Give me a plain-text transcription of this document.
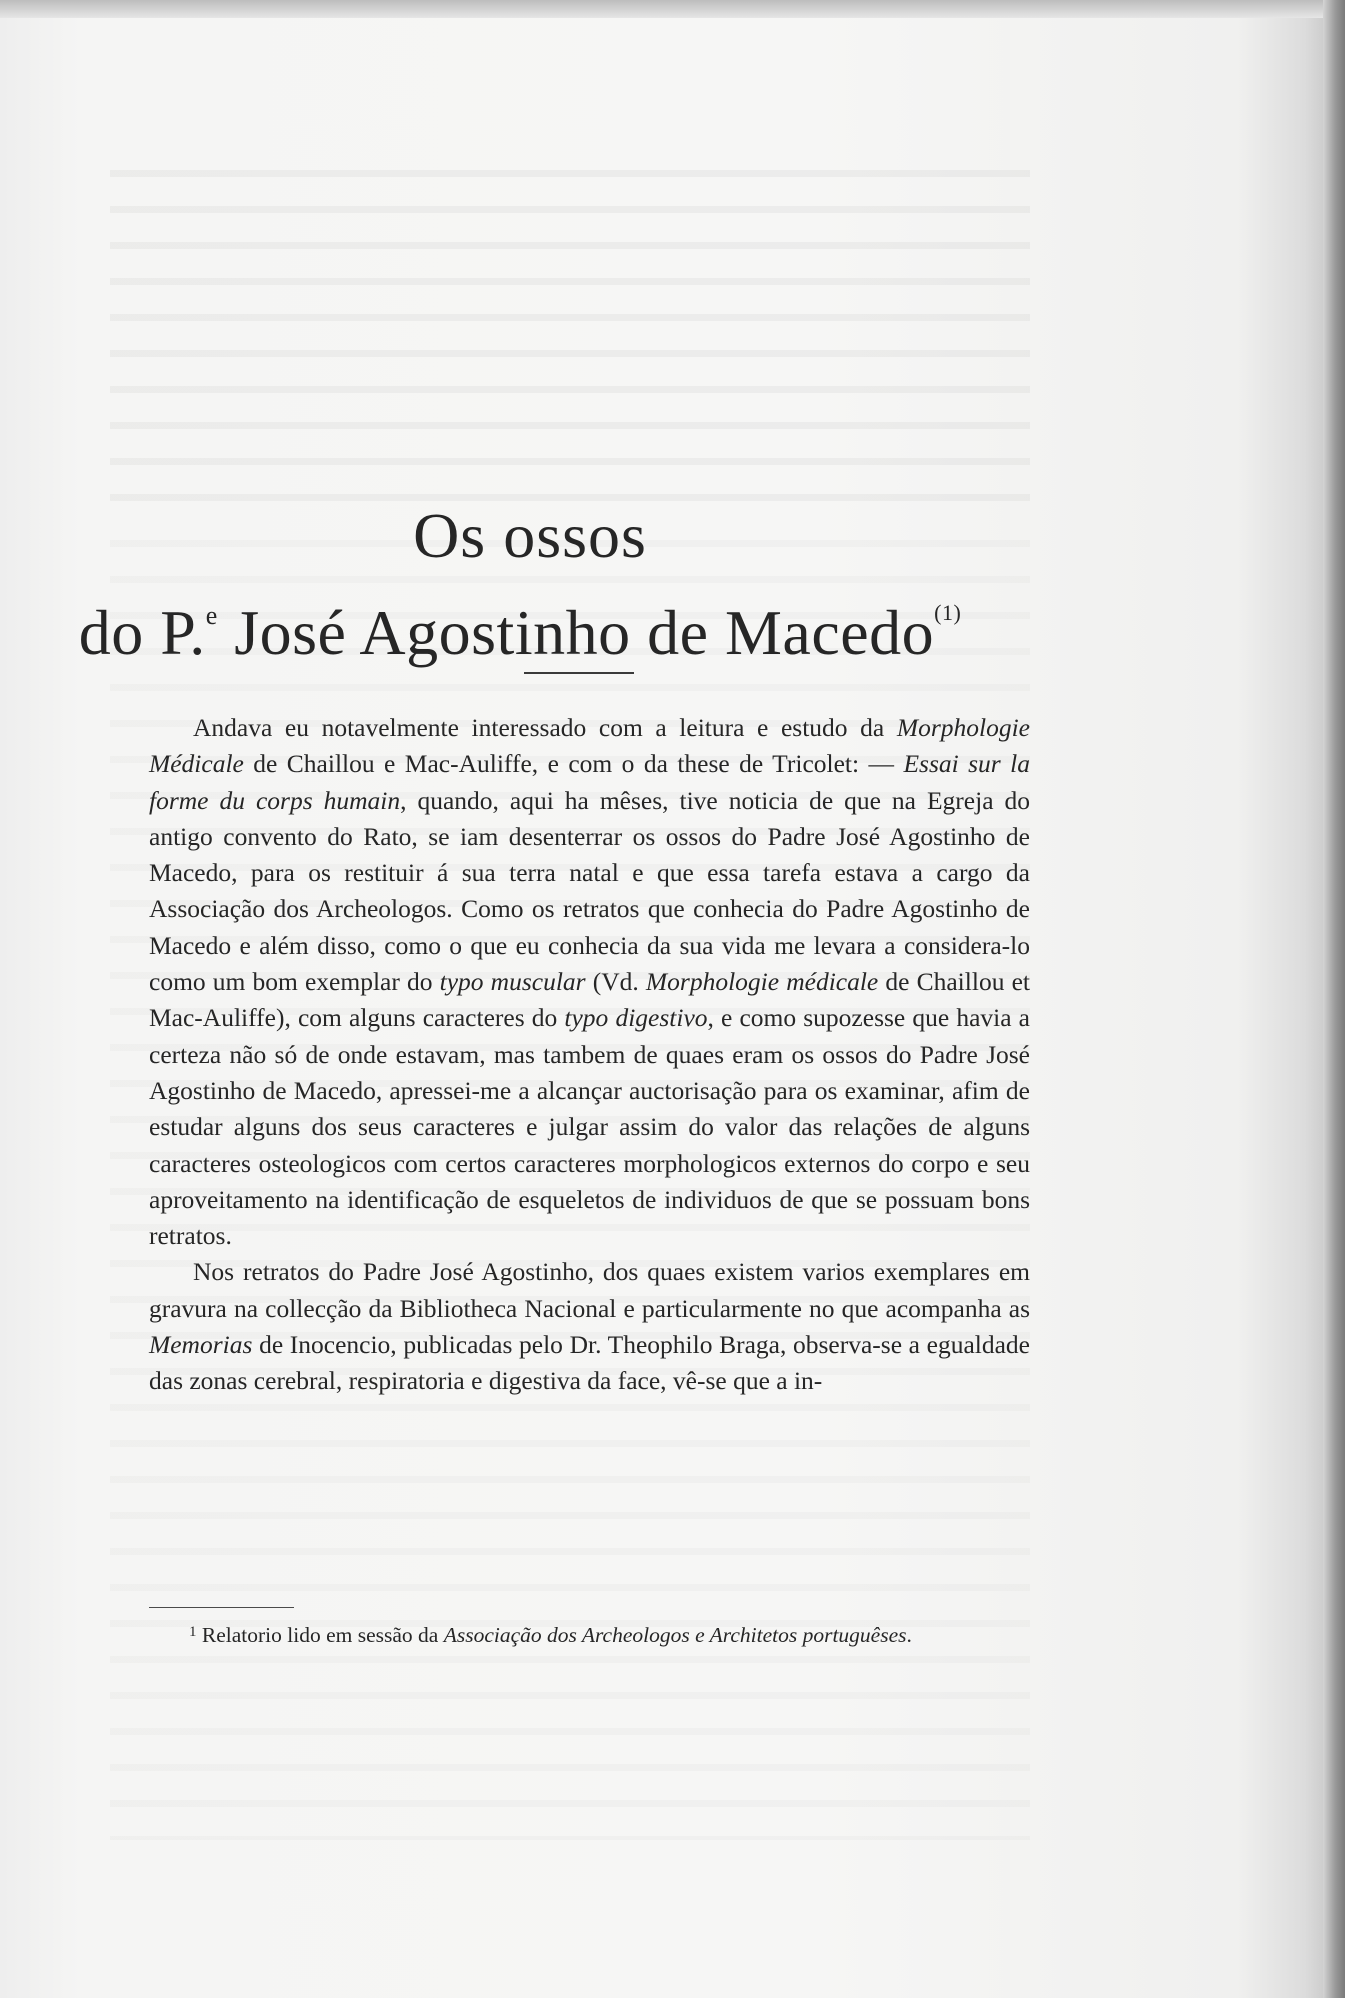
Os ossos
do P.$^e$ José Agostinho de Macedo$^{(1)}$

Andava eu notavelmente interessado com a leitura e estudo da Morphologie Médicale de Chaillou e Mac-Auliffe, e com o da these de Tricolet: — Essai sur la forme du corps humain, quando, aqui ha mêses, tive noticia de que na Egreja do antigo convento do Rato, se iam desenterrar os ossos do Padre José Agostinho de Macedo, para os restituir á sua terra natal e que essa tarefa estava a cargo da Associação dos Archeologos. Como os retratos que conhecia do Padre Agostinho de Macedo e além disso, como o que eu conhecia da sua vida me levara a considera-lo como um bom exemplar do typo muscular (Vd. Morphologie médicale de Chaillou et Mac-Auliffe), com alguns caracteres do typo digestivo, e como supozesse que havia a certeza não só de onde estavam, mas tambem de quaes eram os ossos do Padre José Agostinho de Macedo, apressei-me a alcançar auctorisação para os examinar, afim de estudar alguns dos seus caracteres e julgar assim do valor das relações de alguns caracteres osteologicos com certos caracteres morphologicos externos do corpo e seu aproveitamento na identificação de esqueletos de individuos de que se possuam bons retratos.

Nos retratos do Padre José Agostinho, dos quaes existem varios exemplares em gravura na collecção da Bibliotheca Nacional e particularmente no que acompanha as Memorias de Inocencio, publicadas pelo Dr. Theophilo Braga, observa-se a egualdade das zonas cerebral, respiratoria e digestiva da face, vê-se que a in-

$^1$ Relatorio lido em sessão da Associação dos Archeologos e Architetos portuguêses.
